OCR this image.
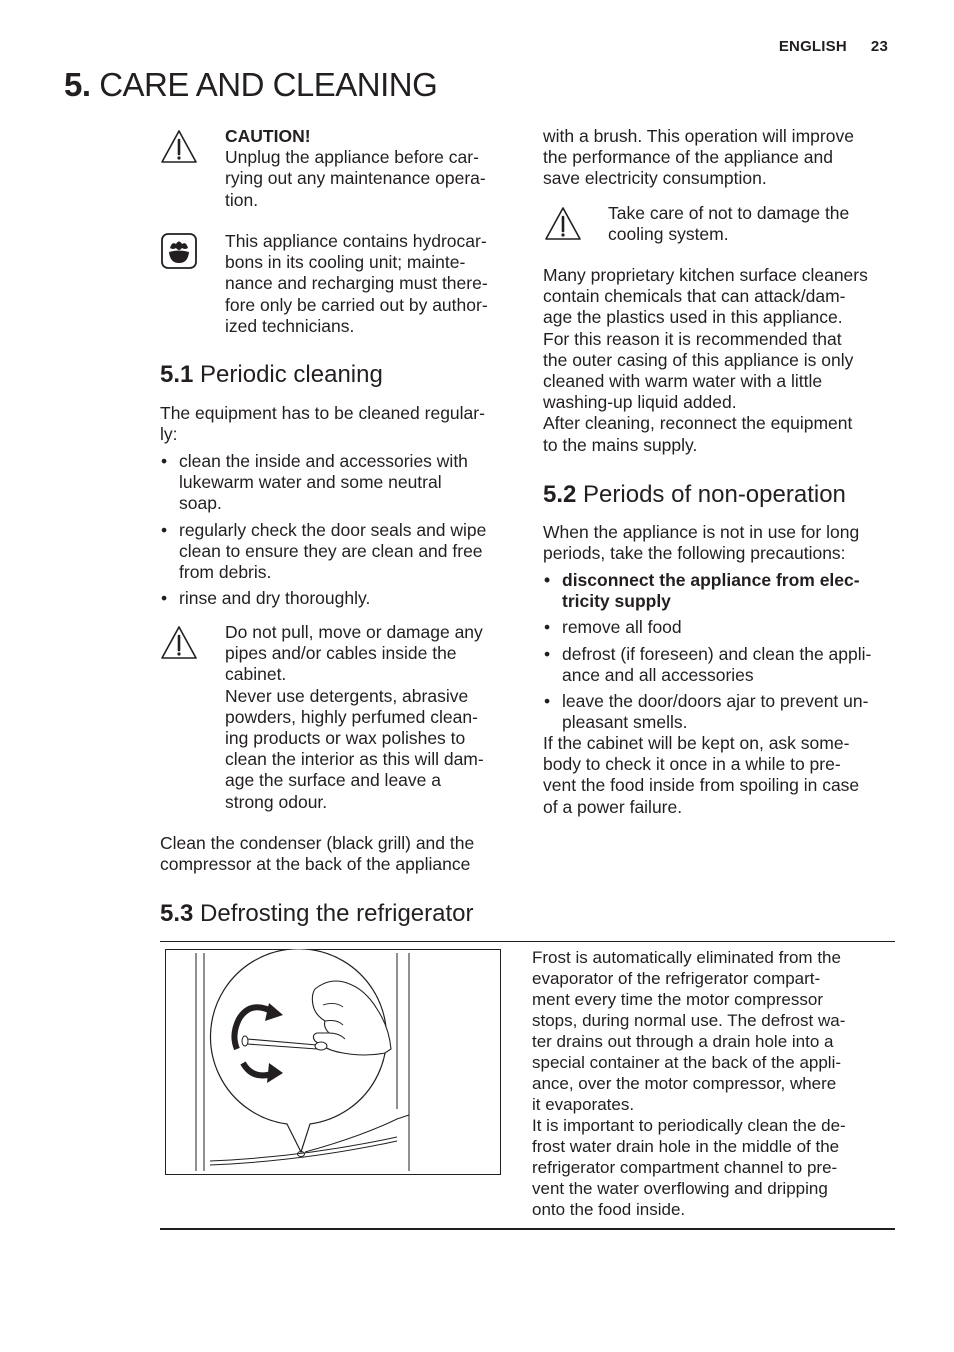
ENGLISH 23
5. CARE AND CLEANING

CAUTION!

Unplug the appliance before car-
rying out any maintenance opera-
tion.

This appliance contains hydrocar-
bons in its cooling unit; mainte-
nance and recharging must there-
fore only be carried out by author-
ized technicians.

5.1 Periodic cleaning

The equipment has to be cleaned regular-
ly:

• clean the inside and accessories with
lukewarm water and some neutral
soap.
• regularly check the door seals and wipe
clean to ensure they are clean and free
from debris.
• rinse and dry thoroughly.

Do not pull, move or damage any
pipes and/or cables inside the
cabinet.
Never use detergents, abrasive
powders, highly perfumed clean-
ing products or wax polishes to
clean the interior as this will dam-
age the surface and leave a
strong odour.

Clean the condenser (black grill) and the
compressor at the back of the appliance

with a brush. This operation will improve
the performance of the appliance and
save electricity consumption.

Take care of not to damage the
cooling system.

Many proprietary kitchen surface cleaners
contain chemicals that can attack/dam-
age the plastics used in this appliance.
For this reason it is recommended that
the outer casing of this appliance is only
cleaned with warm water with a little
washing-up liquid added.
After cleaning, reconnect the equipment
to the mains supply.

5.2 Periods of non-operation

When the appliance is not in use for long
periods, take the following precautions:

• disconnect the appliance from elec-
tricity supply
• remove all food
• defrost (if foreseen) and clean the appli-
ance and all accessories
• leave the door/doors ajar to prevent un-
pleasant smells.

If the cabinet will be kept on, ask some-
body to check it once in a while to pre-
vent the food inside from spoiling in case
of a power failure.

5.3 Defrosting the refrigerator

Frost is automatically eliminated from the
evaporator of the refrigerator compart-
ment every time the motor compressor
stops, during normal use. The defrost wa-
ter drains out through a drain hole into a
special container at the back of the appli-
ance, over the motor compressor, where
it evaporates.
It is important to periodically clean the de-
frost water drain hole in the middle of the
refrigerator compartment channel to pre-
vent the water overflowing and dripping
onto the food inside.
